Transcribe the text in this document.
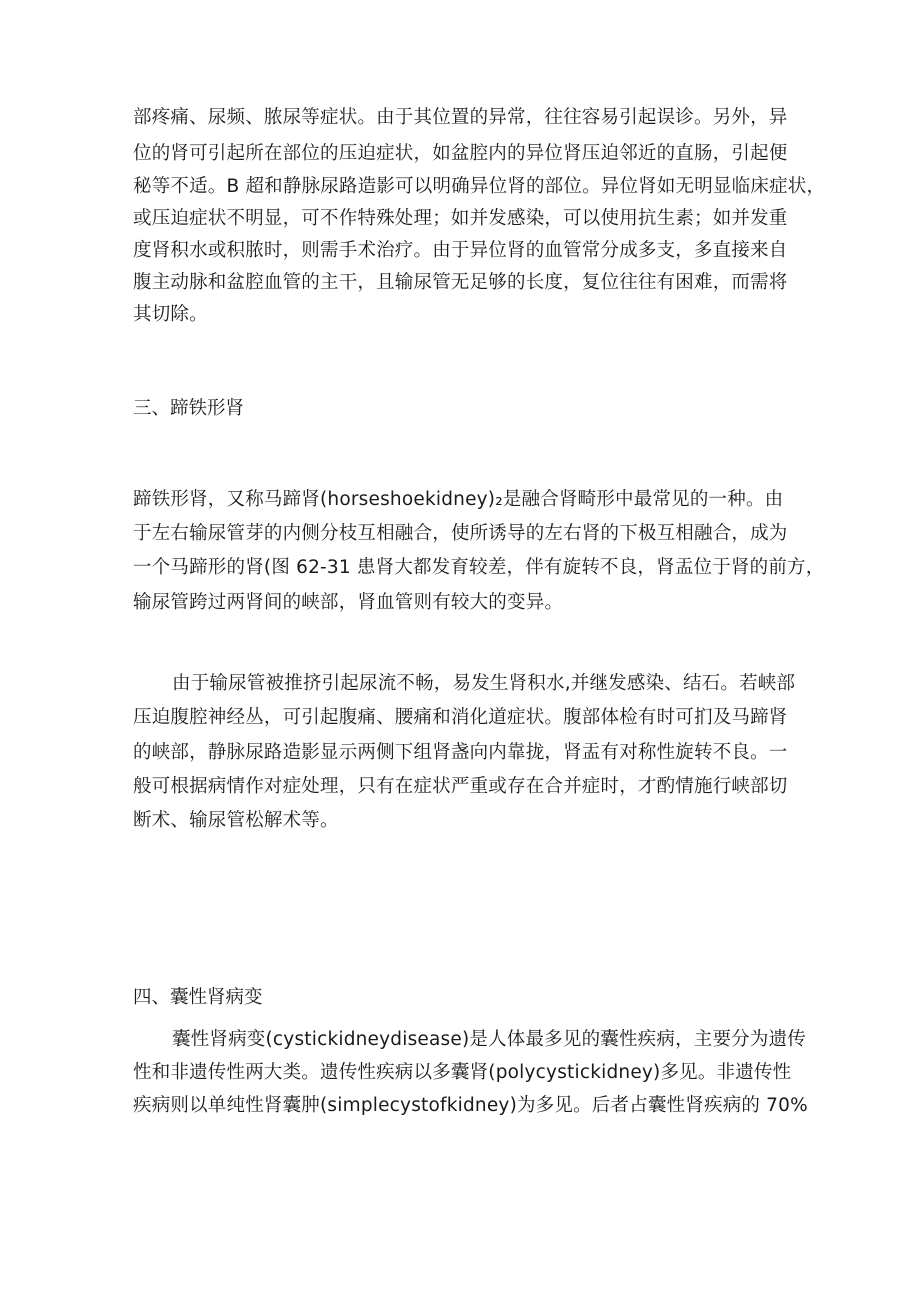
部疼痛、尿频、脓尿等症状。由于其位置的异常，往往容易引起误诊。另外，异
位的肾可引起所在部位的压迫症状，如盆腔内的异位肾压迫邻近的直肠，引起便
秘等不适。B 超和静脉尿路造影可以明确异位肾的部位。异位肾如无明显临床症状，
或压迫症状不明显，可不作特殊处理；如并发感染，可以使用抗生素；如并发重
度肾积水或积脓时，则需手术治疗。由于异位肾的血管常分成多支，多直接来自
腹主动脉和盆腔血管的主干，且输尿管无足够的长度，复位往往有困难，而需将
其切除。
三、蹄铁形肾
蹄铁形肾，又称马蹄肾(horseshoekidney)₂是融合肾畸形中最常见的一种。由
于左右输尿管芽的内侧分枝互相融合，使所诱导的左右肾的下极互相融合，成为
一个马蹄形的肾(图 62-31 患肾大都发育较差，伴有旋转不良，肾盂位于肾的前方，
输尿管跨过两肾间的峡部，肾血管则有较大的变异。
由于输尿管被推挤引起尿流不畅，易发生肾积水,并继发感染、结石。若峡部
压迫腹腔神经丛，可引起腹痛、腰痛和消化道症状。腹部体检有时可扪及马蹄肾
的峡部，静脉尿路造影显示两侧下组肾盏向内靠拢，肾盂有对称性旋转不良。一
般可根据病情作对症处理，只有在症状严重或存在合并症时，才酌情施行峡部切
断术、输尿管松解术等。
四、囊性肾病变
囊性肾病变(cystickidneydisease)是人体最多见的囊性疾病，主要分为遗传
性和非遗传性两大类。遗传性疾病以多囊肾(polycystickidney)多见。非遗传性
疾病则以单纯性肾囊肿(simplecystofkidney)为多见。后者占囊性肾疾病的 70%
